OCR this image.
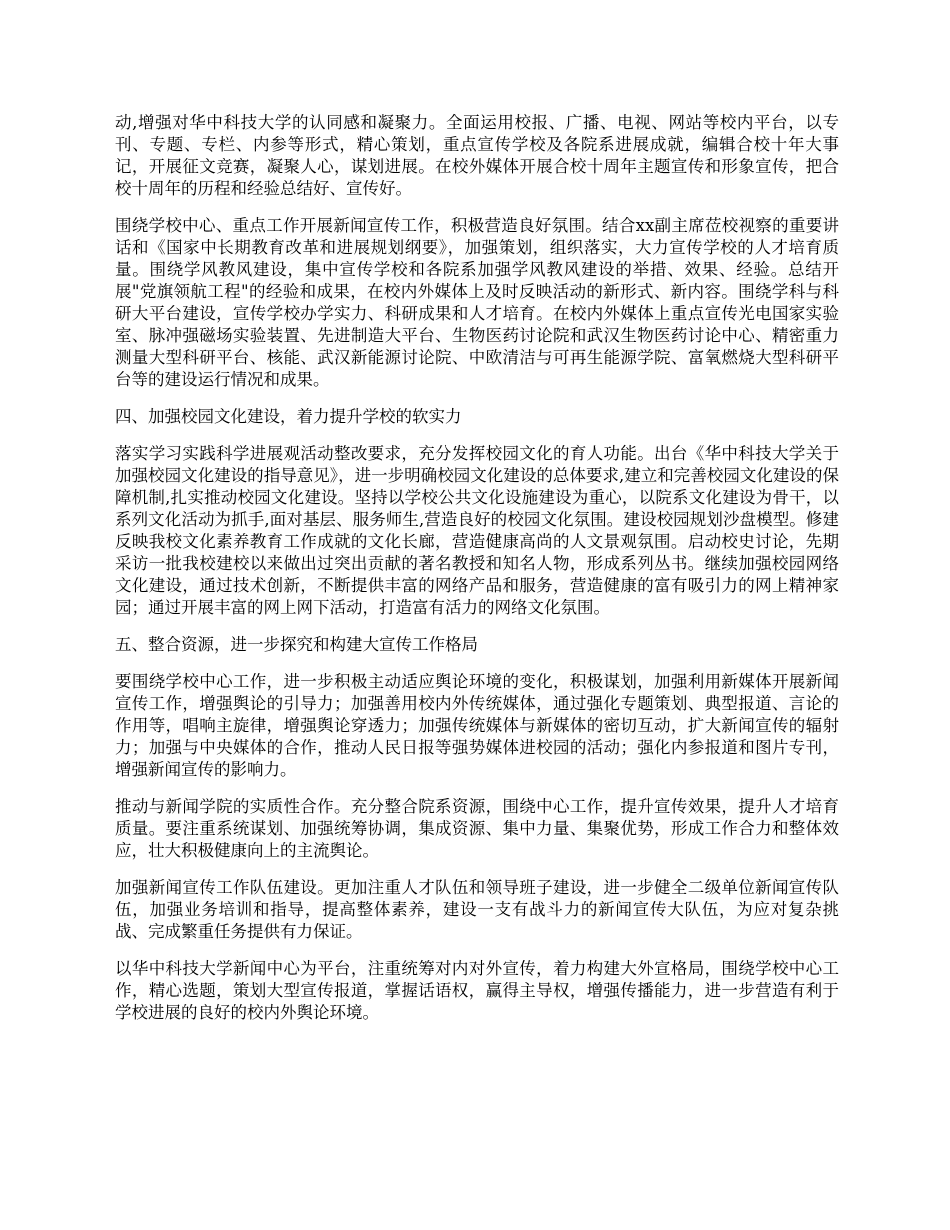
动,增强对华中科技大学的认同感和凝聚力。全面运用校报、广播、电视、网站等校内平台，以专刊、专题、专栏、内参等形式，精心策划，重点宣传学校及各院系进展成就，编辑合校十年大事记，开展征文竞赛，凝聚人心，谋划进展。在校外媒体开展合校十周年主题宣传和形象宣传，把合校十周年的历程和经验总结好、宣传好。

围绕学校中心、重点工作开展新闻宣传工作，积极营造良好氛围。结合xx副主席莅校视察的重要讲话和《国家中长期教育改革和进展规划纲要》，加强策划，组织落实，大力宣传学校的人才培育质量。围绕学风教风建设，集中宣传学校和各院系加强学风教风建设的举措、效果、经验。总结开展"党旗领航工程"的经验和成果，在校内外媒体上及时反映活动的新形式、新内容。围绕学科与科研大平台建设，宣传学校办学实力、科研成果和人才培育。在校内外媒体上重点宣传光电国家实验室、脉冲强磁场实验装置、先进制造大平台、生物医药讨论院和武汉生物医药讨论中心、精密重力测量大型科研平台、核能、武汉新能源讨论院、中欧清洁与可再生能源学院、富氧燃烧大型科研平台等的建设运行情况和成果。

四、加强校园文化建设，着力提升学校的软实力

落实学习实践科学进展观活动整改要求，充分发挥校园文化的育人功能。出台《华中科技大学关于加强校园文化建设的指导意见》，进一步明确校园文化建设的总体要求,建立和完善校园文化建设的保障机制,扎实推动校园文化建设。坚持以学校公共文化设施建设为重心，以院系文化建设为骨干，以系列文化活动为抓手,面对基层、服务师生,营造良好的校园文化氛围。建设校园规划沙盘模型。修建反映我校文化素养教育工作成就的文化长廊，营造健康高尚的人文景观氛围。启动校史讨论，先期采访一批我校建校以来做出过突出贡献的著名教授和知名人物，形成系列丛书。继续加强校园网络文化建设，通过技术创新，不断提供丰富的网络产品和服务，营造健康的富有吸引力的网上精神家园；通过开展丰富的网上网下活动，打造富有活力的网络文化氛围。

五、整合资源，进一步探究和构建大宣传工作格局

要围绕学校中心工作，进一步积极主动适应舆论环境的变化，积极谋划，加强利用新媒体开展新闻宣传工作，增强舆论的引导力；加强善用校内外传统媒体，通过强化专题策划、典型报道、言论的作用等，唱响主旋律，增强舆论穿透力；加强传统媒体与新媒体的密切互动，扩大新闻宣传的辐射力；加强与中央媒体的合作，推动人民日报等强势媒体进校园的活动；强化内参报道和图片专刊，增强新闻宣传的影响力。

推动与新闻学院的实质性合作。充分整合院系资源，围绕中心工作，提升宣传效果，提升人才培育质量。要注重系统谋划、加强统筹协调，集成资源、集中力量、集聚优势，形成工作合力和整体效应，壮大积极健康向上的主流舆论。

加强新闻宣传工作队伍建设。更加注重人才队伍和领导班子建设，进一步健全二级单位新闻宣传队伍，加强业务培训和指导，提高整体素养，建设一支有战斗力的新闻宣传大队伍，为应对复杂挑战、完成繁重任务提供有力保证。

以华中科技大学新闻中心为平台，注重统筹对内对外宣传，着力构建大外宣格局，围绕学校中心工作，精心选题，策划大型宣传报道，掌握话语权，赢得主导权，增强传播能力，进一步营造有利于学校进展的良好的校内外舆论环境。
